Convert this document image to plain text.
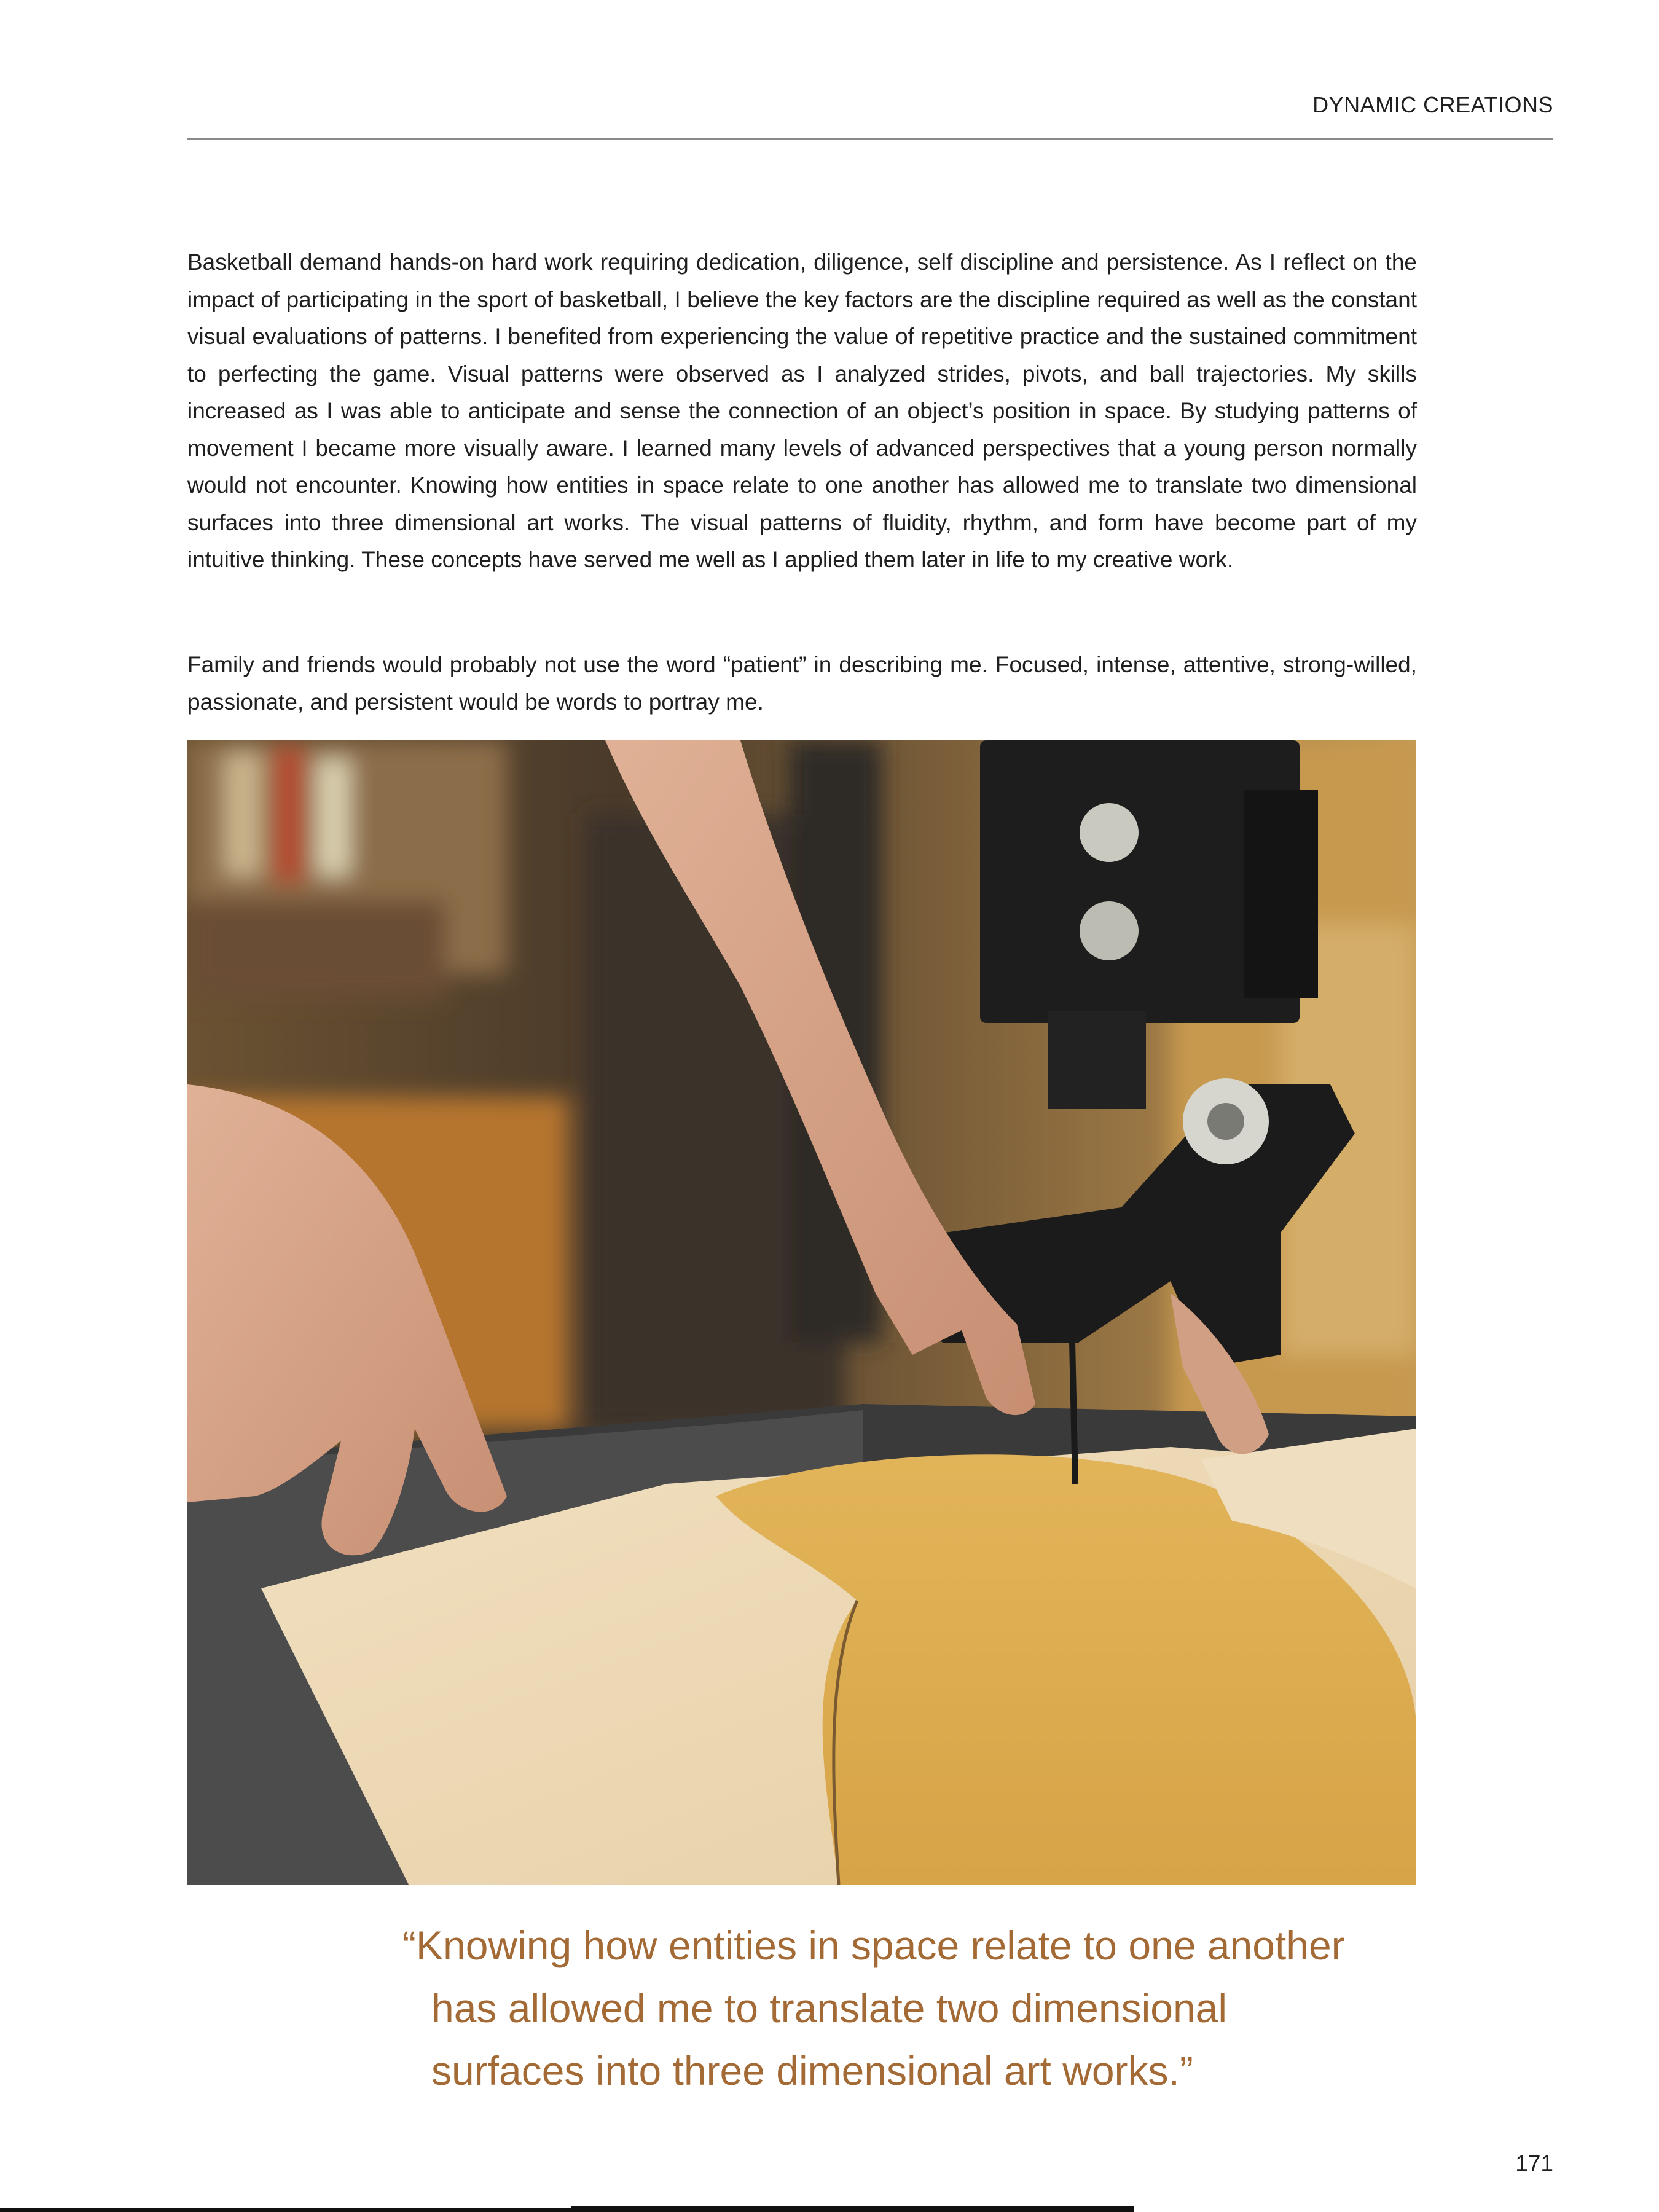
DYNAMIC CREATIONS

Basketball demand hands-on hard work requiring dedication, diligence, self discipline and persistence. As I reflect on the impact of participating in the sport of basketball, I believe the key factors are the discipline required as well as the constant visual evaluations of patterns. I benefited from experiencing the value of repetitive practice and the sustained commitment to perfecting the game. Visual patterns were observed as I analyzed strides, pivots, and ball trajectories. My skills increased as I was able to anticipate and sense the connection of an object’s position in space. By studying patterns of movement I became more visually aware. I learned many levels of advanced perspectives that a young person normally would not encounter. Knowing how entities in space relate to one another has allowed me to translate two dimensional surfaces into three dimensional art works. The visual patterns of fluidity, rhythm, and form have become part of my intuitive thinking. These concepts have served me well as I applied them later in life to my creative work.

Family and friends would probably not use the word “patient” in describing me. Focused, intense, attentive, strong-willed, passionate, and persistent would be words to portray me.

“Knowing how entities in space relate to one another
has allowed me to translate two dimensional
surfaces into three dimensional art works.”
171
